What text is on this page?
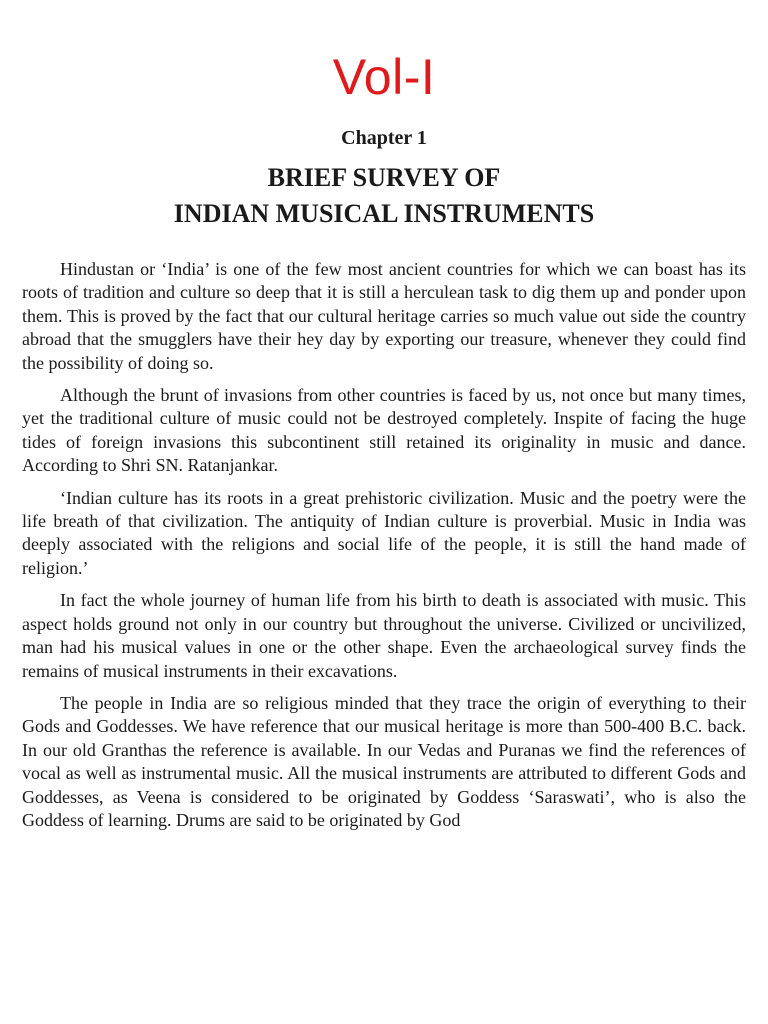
Vol-I
Chapter 1
BRIEF SURVEY OF
INDIAN MUSICAL INSTRUMENTS

Hindustan or ‘India’ is one of the few most ancient countries for which we can boast has its roots of tradition and culture so deep that it is still a herculean task to dig them up and ponder upon them. This is proved by the fact that our cultural heritage carries so much value out side the country abroad that the smugglers have their hey day by exporting our treasure, whenever they could find the possibility of doing so.

Although the brunt of invasions from other countries is faced by us, not once but many times, yet the traditional culture of music could not be destroyed completely. Inspite of facing the huge tides of foreign invasions this subcontinent still retained its originality in music and dance. According to Shri SN. Ratanjankar.

‘Indian culture has its roots in a great prehistoric civilization. Music and the poetry were the life breath of that civilization. The antiquity of Indian culture is proverbial. Music in India was deeply associated with the religions and social life of the people, it is still the hand made of religion.’

In fact the whole journey of human life from his birth to death is associated with music. This aspect holds ground not only in our country but throughout the universe. Civilized or uncivilized, man had his musical values in one or the other shape. Even the archaeological survey finds the remains of musical instruments in their excavations.

The people in India are so religious minded that they trace the origin of everything to their Gods and Goddesses. We have reference that our musical heritage is more than 500-400 B.C. back. In our old Granthas the reference is available. In our Vedas and Puranas we find the references of vocal as well as instrumental music. All the musical instruments are attributed to different Gods and Goddesses, as Veena is considered to be originated by Goddess ‘Saraswati’, who is also the Goddess of learning. Drums are said to be originated by God
